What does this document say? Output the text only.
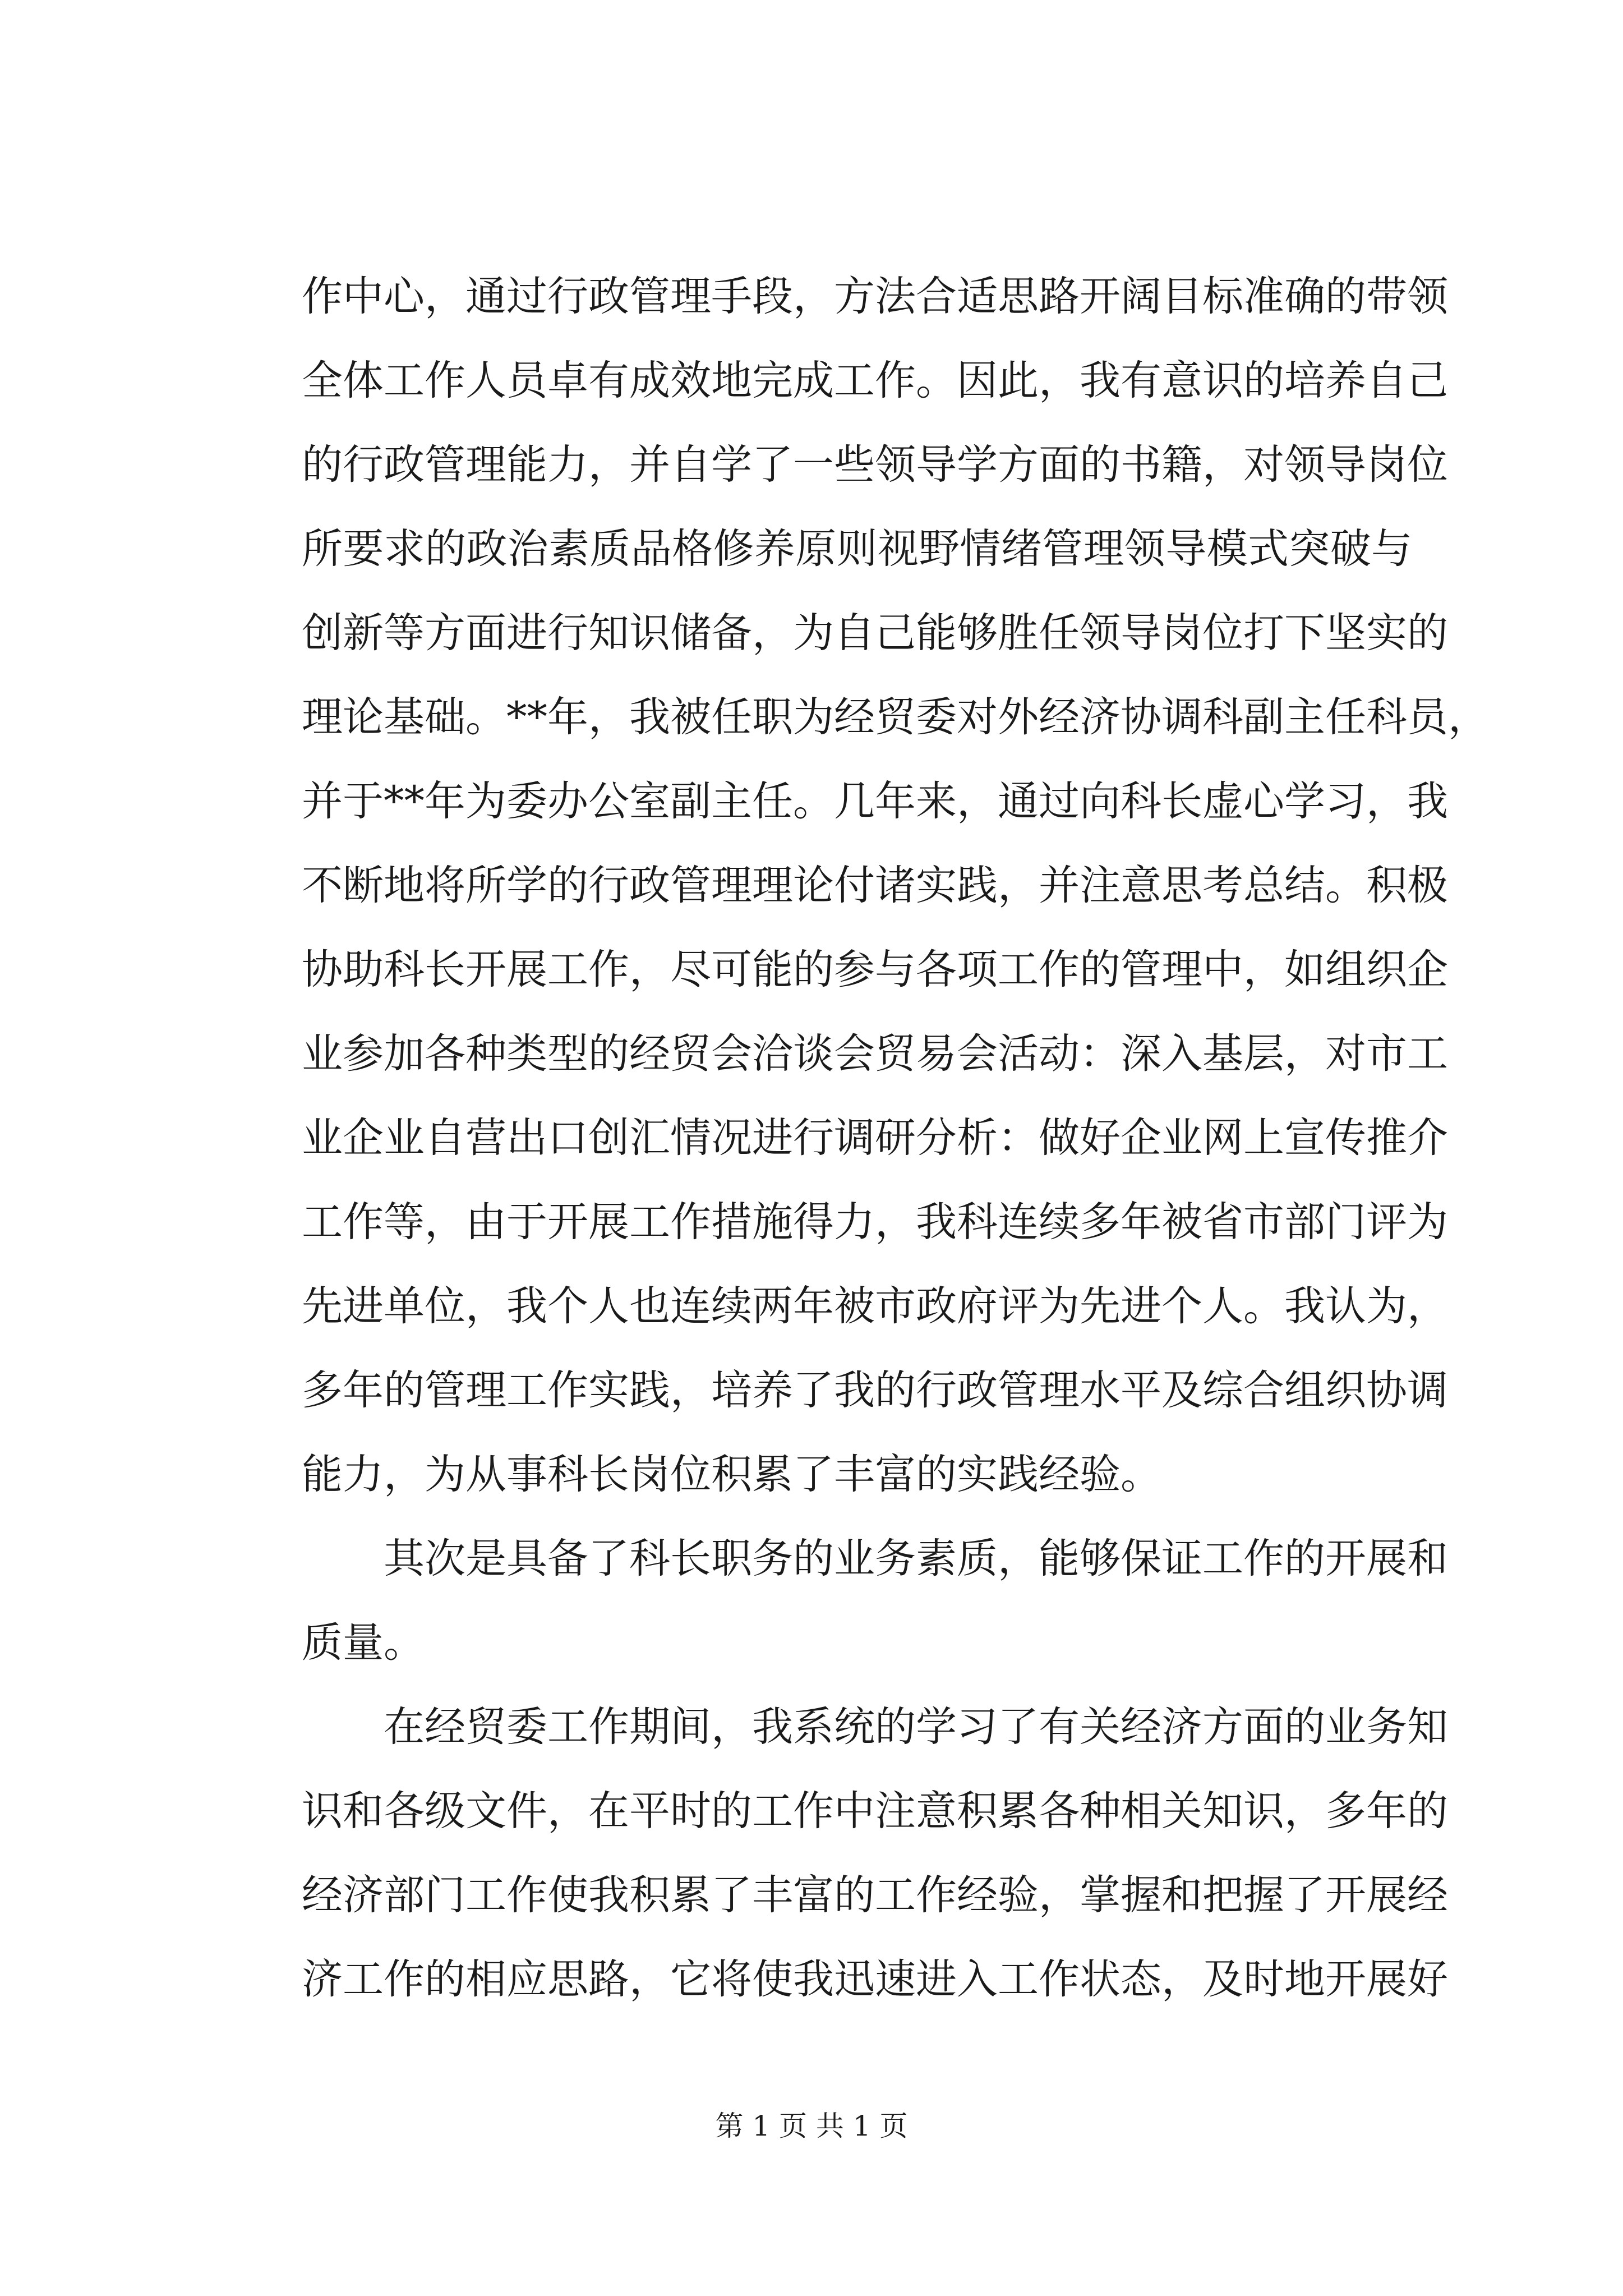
作中心，通过行政管理手段，方法合适思路开阔目标准确的带领
全体工作人员卓有成效地完成工作。因此，我有意识的培养自己
的行政管理能力，并自学了一些领导学方面的书籍，对领导岗位
所要求的政治素质品格修养原则视野情绪管理领导模式突破与
创新等方面进行知识储备，为自己能够胜任领导岗位打下坚实的
理论基础。**年，我被任职为经贸委对外经济协调科副主任科员，
并于**年为委办公室副主任。几年来，通过向科长虚心学习，我
不断地将所学的行政管理理论付诸实践，并注意思考总结。积极
协助科长开展工作，尽可能的参与各项工作的管理中，如组织企
业参加各种类型的经贸会洽谈会贸易会活动：深入基层，对市工
业企业自营出口创汇情况进行调研分析：做好企业网上宣传推介
工作等，由于开展工作措施得力，我科连续多年被省市部门评为
先进单位，我个人也连续两年被市政府评为先进个人。我认为，
多年的管理工作实践，培养了我的行政管理水平及综合组织协调
能力，为从事科长岗位积累了丰富的实践经验。
其次是具备了科长职务的业务素质，能够保证工作的开展和
质量。
在经贸委工作期间，我系统的学习了有关经济方面的业务知
识和各级文件，在平时的工作中注意积累各种相关知识，多年的
经济部门工作使我积累了丰富的工作经验，掌握和把握了开展经
济工作的相应思路，它将使我迅速进入工作状态，及时地开展好
第 1 页 共 1 页
